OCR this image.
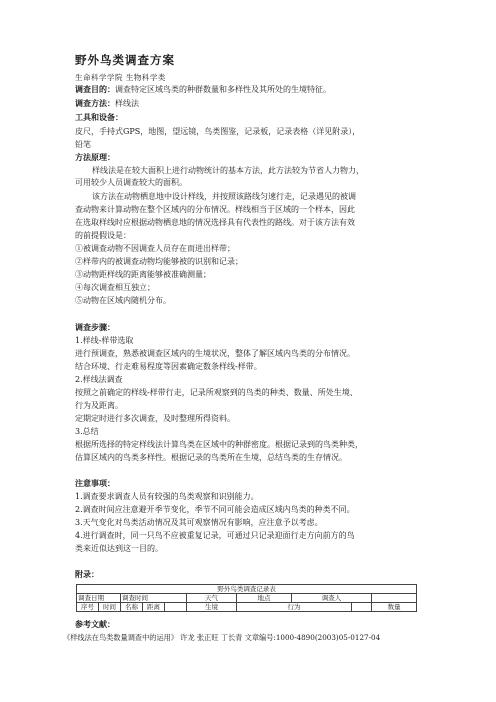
野外鸟类调查方案
生命科学学院 生物科学类
调查目的：调查特定区域鸟类的种群数量和多样性及其所处的生境特征。
调查方法：样线法
工具和设备：
皮尺，手持式GPS，地图，望远镜，鸟类图鉴，记录板，记录表格（详见附录），
铅笔
方法原理：
样线法是在较大面积上进行动物统计的基本方法，此方法较为节省人力物力，
可用较少人员调查较大的面积。
该方法在动物栖息地中设计样线，并按照该路线匀速行走，记录遇见的被调
查动物来计算动物在整个区域内的分布情况。样线相当于区域的一个样本，因此
在选取样线时应根据动物栖息地的情况选择具有代表性的路线。对于该方法有效
的前提假设是：
①被调查动物不因调查人员存在而进出样带；
②样带内的被调查动物均能够被的识别和记录；
③动物距样线的距离能够被准确测量；
④每次调查相互独立；
⑤动物在区域内随机分布。
调查步骤：
1.样线-样带选取
进行预调查，熟悉被调查区域内的生境状况，整体了解区域内鸟类的分布情况。
结合环境、行走难易程度等因素确定数条样线-样带。
2.样线法调查
按照之前确定的样线-样带行走，记录所观察到的鸟类的种类、数量、所处生境、
行为及距离。
定期定时进行多次调查，及时整理所得资料。
3.总结
根据所选择的特定样线法计算鸟类在区域中的种群密度。根据记录到的鸟类种类，
估算区域内的鸟类多样性。根据记录的鸟类所在生境，总结鸟类的生存情况。
注意事项：
1.调查要求调查人员有较强的鸟类观察和识别能力。
2.调查时间应注意避开季节变化，季节不同可能会造成区域内鸟类的种类不同。
3.天气变化对鸟类活动情况及其可观察情况有影响，应注意予以考虑。
4.进行调查时，同一只鸟不应被重复记录，可通过只记录迎面行走方向前方的鸟
类来近似达到这一目的。
附录：
野外鸟类调查记录表									
调查日期		调查时间			天气	地点	调查人		
序号	时间	名称	距离		生境	行为			数量
参考文献：
《样线法在鸟类数量调查中的运用》 许龙 张正旺 丁长青 文章编号:1000-4890(2003)05-0127-04
